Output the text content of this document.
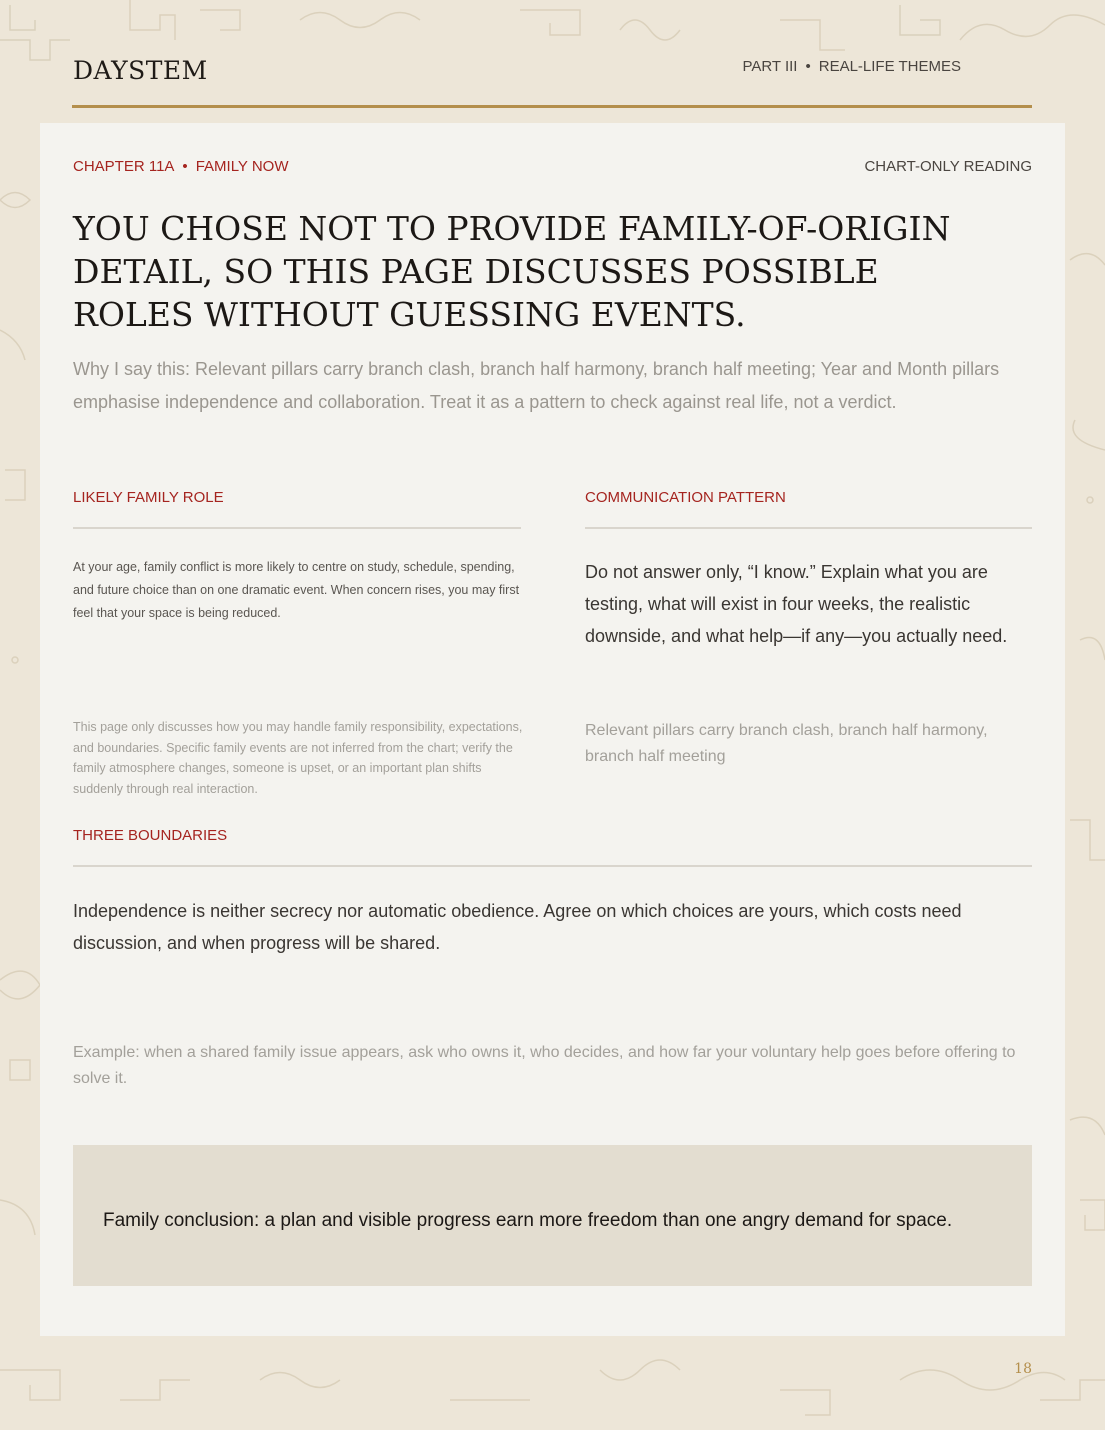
DAYSTEM	PART III • REAL-LIFE THEMES
CHAPTER 11A • FAMILY NOW	CHART-ONLY READING
YOU CHOSE NOT TO PROVIDE FAMILY-OF-ORIGIN DETAIL, SO THIS PAGE DISCUSSES POSSIBLE ROLES WITHOUT GUESSING EVENTS.

Why I say this: Relevant pillars carry branch clash, branch half harmony, branch half meeting; Year and Month pillars emphasise independence and collaboration. Treat it as a pattern to check against real life, not a verdict.

LIKELY FAMILY ROLE

At your age, family conflict is more likely to centre on study, schedule, spending, and future choice than on one dramatic event. When concern rises, you may first feel that your space is being reduced.

This page only discusses how you may handle family responsibility, expectations, and boundaries. Specific family events are not inferred from the chart; verify the family atmosphere changes, someone is upset, or an important plan shifts suddenly through real interaction.

COMMUNICATION PATTERN

Do not answer only, “I know.” Explain what you are testing, what will exist in four weeks, the realistic downside, and what help—if any—you actually need.

Relevant pillars carry branch clash, branch half harmony, branch half meeting

THREE BOUNDARIES

Independence is neither secrecy nor automatic obedience. Agree on which choices are yours, which costs need discussion, and when progress will be shared.

Example: when a shared family issue appears, ask who owns it, who decides, and how far your voluntary help goes before offering to solve it.

Family conclusion: a plan and visible progress earn more freedom than one angry demand for space.

18
